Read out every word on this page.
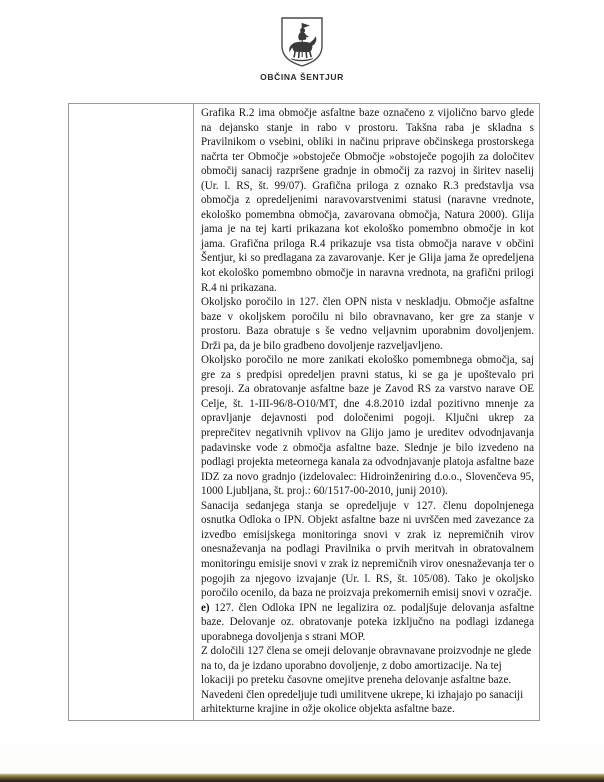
OBČINA ŠENTJUR

Grafika R.2 ima območje asfaltne baze označeno z vijolično barvo glede na dejansko stanje in rabo v prostoru. Takšna raba je skladna s Pravilnikom o vsebini, obliki in načinu priprave občinskega prostorskega načrta ter Območje »obstoječe Območje »obstoječe pogojih za določitev območij sanacij razpršene gradnje in območij za razvoj in širitev naselij (Ur. l. RS, št. 99/07). Grafična priloga z oznako R.3 predstavlja vsa območja z opredeljenimi naravovarstvenimi statusi (naravne vrednote, ekološko pomembna območja, zavarovana območja, Natura 2000). Glija jama je na tej karti prikazana kot ekološko pomembno območje in kot jama. Grafična priloga R.4 prikazuje vsa tista območja narave v občini Šentjur, ki so predlagana za zavarovanje. Ker je Glija jama že opredeljena kot ekološko pomembno območje in naravna vrednota, na grafični prilogi R.4 ni prikazana.

Okoljsko poročilo in 127. člen OPN nista v neskladju. Območje asfaltne baze v okoljskem poročilu ni bilo obravnavano, ker gre za stanje v prostoru. Baza obratuje s še vedno veljavnim uporabnim dovoljenjem. Drži pa, da je bilo gradbeno dovoljenje razveljavljeno.

Okoljsko poročilo ne more zanikati ekološko pomembnega območja, saj gre za s predpisi opredeljen pravni status, ki se ga je upoštevalo pri presoji. Za obratovanje asfaltne baze je Zavod RS za varstvo narave OE Celje, št. 1-III-96/8-O10/MT, dne 4.8.2010 izdal pozitivno mnenje za opravljanje dejavnosti pod določenimi pogoji. Ključni ukrep za preprečitev negativnih vplivov na Glijo jamo je ureditev odvodnjavanja padavinske vode z območja asfaltne baze. Slednje je bilo izvedeno na podlagi projekta meteornega kanala za odvodnjavanje platoja asfaltne baze IDZ za novo gradnjo (izdelovalec: Hidroinženiring d.o.o., Slovenčeva 95, 1000 Ljubljana, št. proj.: 60/1517-00-2010, junij 2010).

Sanacija sedanjega stanja se opredeljuje v 127. členu dopolnjenega osnutka Odloka o IPN. Objekt asfaltne baze ni uvrščen med zavezance za izvedbo emisijskega monitoringa snovi v zrak iz nepremičnih virov onesnaževanja na podlagi Pravilnika o prvih meritvah in obratovalnem monitoringu emisije snovi v zrak iz nepremičnih virov onesnaževanja ter o pogojih za njegovo izvajanje (Ur. l. RS, št. 105/08). Tako je okoljsko poročilo ocenilo, da baza ne proizvaja prekomernih emisij snovi v ozračje.

e) 127. člen Odloka IPN ne legalizira oz. podaljšuje delovanja asfaltne baze. Delovanje oz. obratovanje poteka izključno na podlagi izdanega uporabnega dovoljenja s strani MOP.

Z določili 127 člena se omeji delovanje obravnavane proizvodnje ne glede na to, da je izdano uporabno dovoljenje, z dobo amortizacije. Na tej lokaciji po preteku časovne omejitve preneha delovanje asfaltne baze. Navedeni člen opredeljuje tudi umilitvene ukrepe, ki izhajajo po sanaciji arhitekturne krajine in ožje okolice objekta asfaltne baze.
